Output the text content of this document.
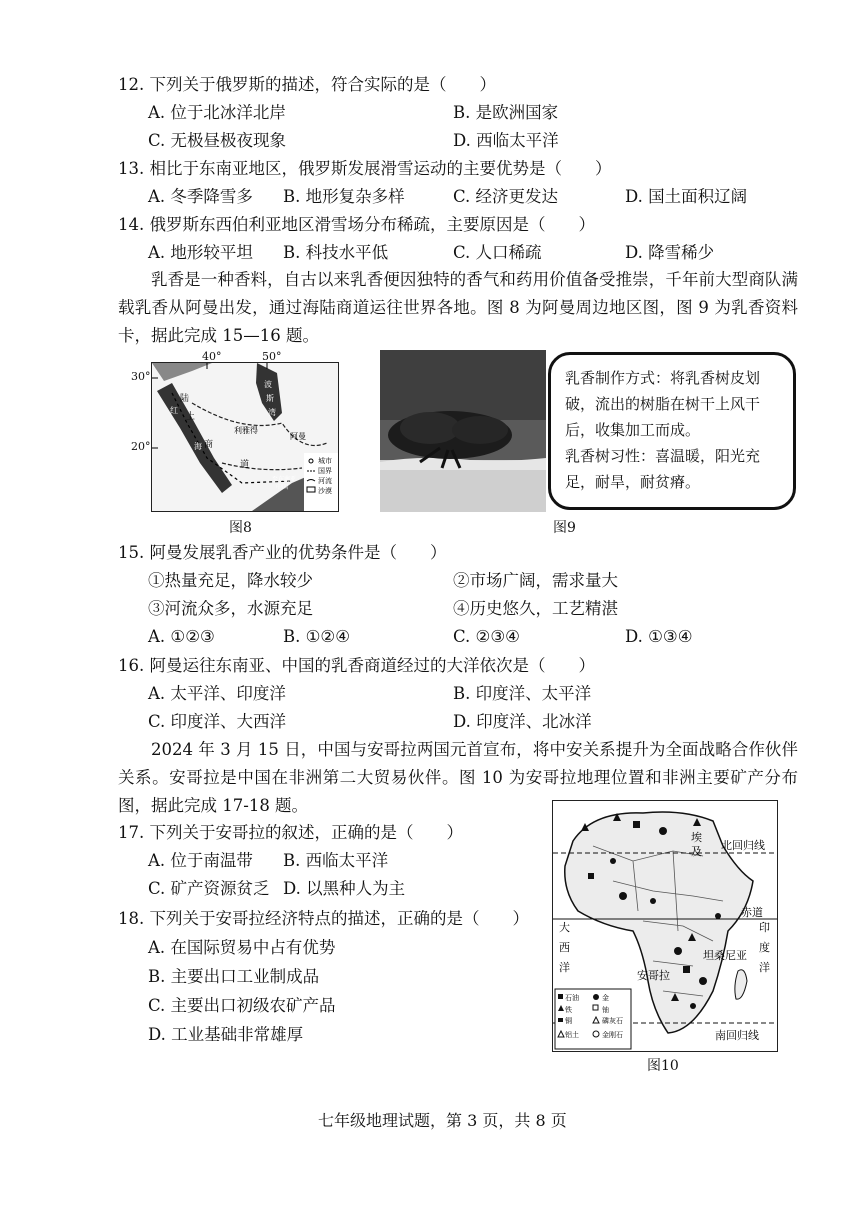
12. 下列关于俄罗斯的描述，符合实际的是（　　）
A. 位于北冰洋北岸	B. 是欧洲国家
C. 无极昼极夜现象	D. 西临太平洋
13. 相比于东南亚地区，俄罗斯发展滑雪运动的主要优势是（　　）
A. 冬季降雪多 B. 地形复杂多样	C. 经济更发达	D. 国土面积辽阔
14. 俄罗斯东西伯利亚地区滑雪场分布稀疏，主要原因是（　　）
A. 地形较平坦 B. 科技水平低	C. 人口稀疏	D. 降雪稀少
乳香是一种香料，自古以来乳香便因独特的香气和药用价值备受推崇，千年前大型商队满载乳香从阿曼出发，通过海陆商道运往世界各地。图 8 为阿曼周边地区图，图 9 为乳香资料卡，据此完成 15—16 题。
陆
上
商
道
利雅得
波
斯
湾
阿曼
红
海
至东南亚
中国
城市
国界
河流
沙漠
40°	50°
30°
20°
图8	图9
乳香制作方式：将乳香树皮划破，流出的树脂在树干上风干后，收集加工而成。
乳香树习性：喜温暖，阳光充足，耐旱，耐贫瘠。
15. 阿曼发展乳香产业的优势条件是（　　）
①热量充足，降水较少	②市场广阔，需求量大
③河流众多，水源充足	④历史悠久，工艺精湛
A. ①②③	B. ①②④	C. ②③④	D. ①③④
16. 阿曼运往东南亚、中国的乳香商道经过的大洋依次是（　　）
A. 太平洋、印度洋	B. 印度洋、太平洋
C. 印度洋、大西洋	D. 印度洋、北冰洋
2024 年 3 月 15 日，中国与安哥拉两国元首宣布，将中安关系提升为全面战略合作伙伴关系。安哥拉是中国在非洲第二大贸易伙伴。图 10 为安哥拉地理位置和非洲主要矿产分布图，据此完成 17-18 题。
17. 下列关于安哥拉的叙述，正确的是（　　）
A. 位于南温带 B. 西临太平洋
C. 矿产资源贫乏 D. 以黑种人为主
18. 下列关于安哥拉经济特点的描述，正确的是（　　）
A. 在国际贸易中占有优势
B. 主要出口工业制成品
C. 主要出口初级农矿产品
D. 工业基础非常雄厚
埃
及 北回归线
赤道
坦桑尼亚
安哥拉
南回归线
大
西
洋
印
度
洋
石油	金
铁	铀
铜	磷灰石
铝土	金刚石
图10
七年级地理试题，第 3 页，共 8 页
